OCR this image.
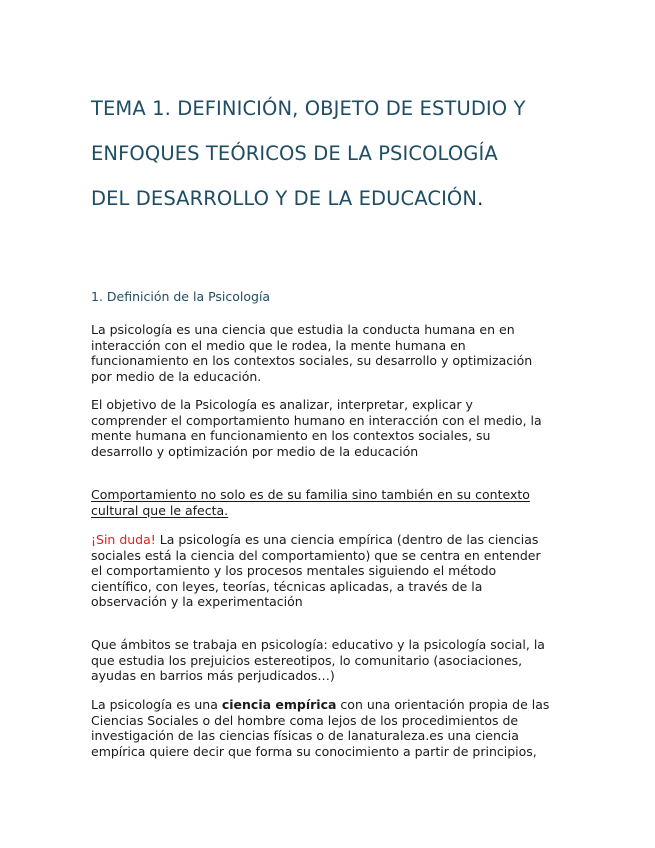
TEMA 1. DEFINICIÓN, OBJETO DE ESTUDIO Y
ENFOQUES TEÓRICOS DE LA PSICOLOGÍA
DEL DESARROLLO Y DE LA EDUCACIÓN.
1. Definición de la Psicología

La psicología es una ciencia que estudia la conducta humana en en
interacción con el medio que le rodea, la mente humana en
funcionamiento en los contextos sociales, su desarrollo y optimización
por medio de la educación.

El objetivo de la Psicología es analizar, interpretar, explicar y
comprender el comportamiento humano en interacción con el medio, la
mente humana en funcionamiento en los contextos sociales, su
desarrollo y optimización por medio de la educación

Comportamiento no solo es de su familia sino también en su contexto
cultural que le afecta.

¡Sin duda! La psicología es una ciencia empírica (dentro de las ciencias
sociales está la ciencia del comportamiento) que se centra en entender
el comportamiento y los procesos mentales siguiendo el método
científico, con leyes, teorías, técnicas aplicadas, a través de la
observación y la experimentación

Que ámbitos se trabaja en psicología: educativo y la psicología social, la
que estudia los prejuicios estereotipos, lo comunitario (asociaciones,
ayudas en barrios más perjudicados…)

La psicología es una ciencia empírica con una orientación propia de las
Ciencias Sociales o del hombre coma lejos de los procedimientos de
investigación de las ciencias físicas o de lanaturaleza.es una ciencia
empírica quiere decir que forma su conocimiento a partir de principios,
